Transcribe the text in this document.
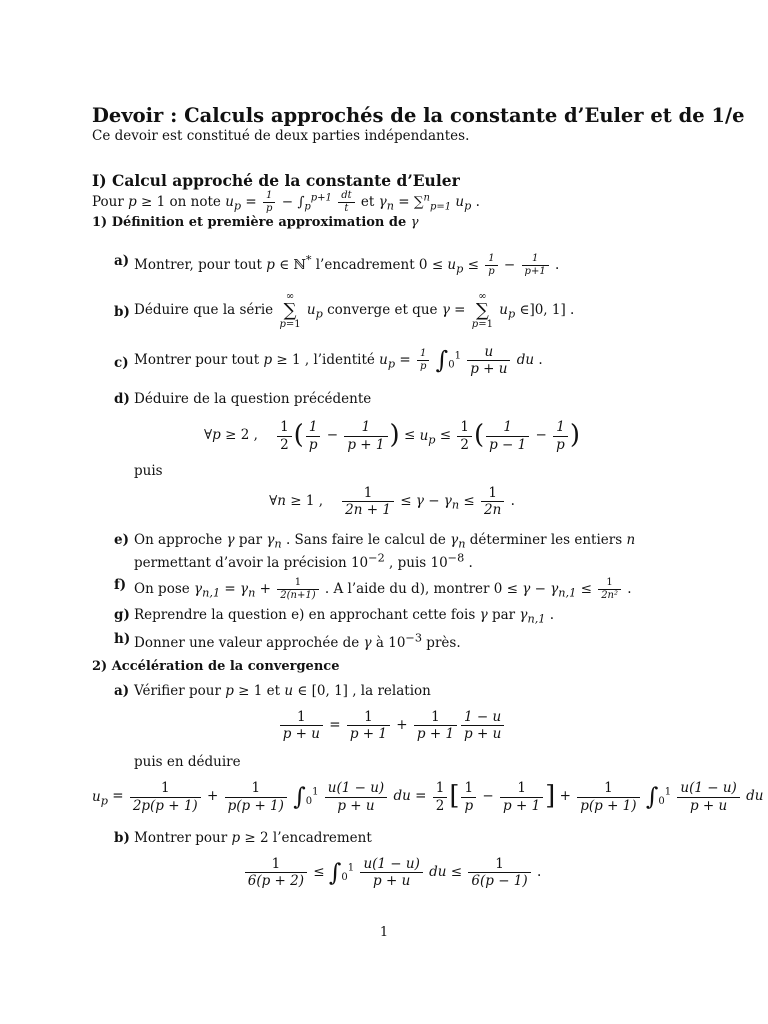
Devoir : Calculs approchés de la constante d’Euler et de 1/e

Ce devoir est constitué de deux parties indépendantes.

I) Calcul approché de la constante d’Euler

Pour p ≥ 1 on note $u_p = \frac{1}{p} - \int_p^{p+1} \frac{dt}{t}$ et $\gamma_n = \sum^n_{p=1}$ $u_p$ .

1) Définition et première approximation de γ

a) Montrer, pour tout p ∈ ℕ* l’encadrement $0 \le u_p \le \frac{1}{p} - \frac{1}{p+1}$ .
b) Déduire que la série ∞
∑
p=1 $u_p$ converge et que γ = ∞
∑
p=1 $u_p$ ∈]0, 1] .
c) Montrer pour tout p ≥ 1 , l’identité $u_p = \frac{1}{p} \int_0^1 \frac{u}{p + u}$ du .
d) Déduire de la question précédente
∀p ≥ 2 , $\frac{1}{2}$ ( $\frac{1}{p} - \frac{1}{p + 1}$ ) ≤ $u_p \le \frac{1}{2}$ ( $\frac{1}{p - 1} - \frac{1}{p}$ )
puis
∀n ≥ 1 , $\frac{1}{2n + 1} \le \gamma - \gamma_n \le \frac{1}{2n}$ .
e) On approche γ par $\gamma_n$ . Sans faire le calcul de $\gamma_n$ déterminer les entiers n permettant d’avoir la précision $10^{-2}$ , puis $10^{-8}$ .
f) On pose $\gamma_{n,1} = \gamma_n + \frac{1}{2(n+1)}$ . A l’aide du d), montrer $0 \le \gamma - \gamma_{n,1} \le \frac{1}{\text{2n²}}$ .
g) Reprendre la question e) en approchant cette fois γ par $\gamma_{n,1}$ .
h) Donner une valeur approchée de γ à $10^{-3}$ près.

2) Accélération de la convergence

a) Vérifier pour p ≥ 1 et u ∈ [0, 1] , la relation
$\frac{1}{p + u} = \frac{1}{p + 1} + \frac{1}{p + 1} \frac{1 - u}{p + u}$
puis en déduire
$u_p = \frac{1}{2p(p + 1)} + \frac{1}{p(p + 1)} \int_0^1 \frac{u(1 - u)}{p + u}$ du = $\frac{1}{2}$ [ $\frac{1}{p} - \frac{1}{p + 1}$ ] + $\frac{1}{p(p + 1)} \int_0^1 \frac{u(1 - u)}{p + u}$ du
b) Montrer pour p ≥ 2 l’encadrement
$\frac{1}{6(p + 2)} \le \int_0^1 \frac{u(1 - u)}{p + u}$ du ≤ $\frac{1}{6(p - 1)}$ .
1
